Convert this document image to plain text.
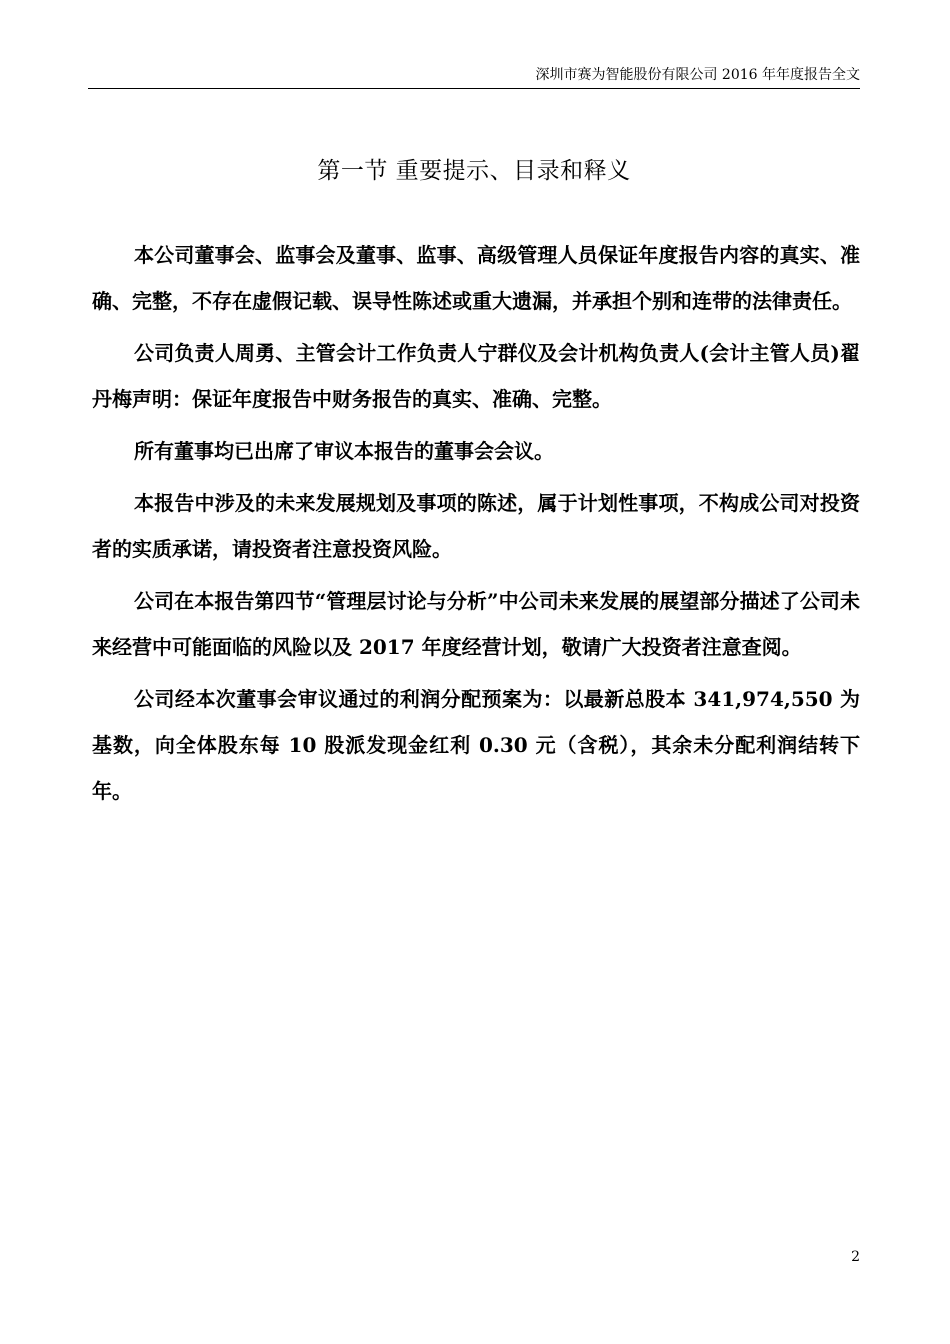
深圳市赛为智能股份有限公司 2016 年年度报告全文
第一节 重要提示、目录和释义

本公司董事会、监事会及董事、监事、高级管理人员保证年度报告内容的真实、准确、完整，不存在虚假记载、误导性陈述或重大遗漏，并承担个别和连带的法律责任。

公司负责人周勇、主管会计工作负责人宁群仪及会计机构负责人(会计主管人员)翟丹梅声明：保证年度报告中财务报告的真实、准确、完整。

所有董事均已出席了审议本报告的董事会会议。

本报告中涉及的未来发展规划及事项的陈述，属于计划性事项，不构成公司对投资者的实质承诺，请投资者注意投资风险。

公司在本报告第四节“管理层讨论与分析”中公司未来发展的展望部分描述了公司未来经营中可能面临的风险以及 2017 年度经营计划，敬请广大投资者注意查阅。

公司经本次董事会审议通过的利润分配预案为：以最新总股本 341,974,550 为基数，向全体股东每 10 股派发现金红利 0.30 元（含税），其余未分配利润结转下年。

2
